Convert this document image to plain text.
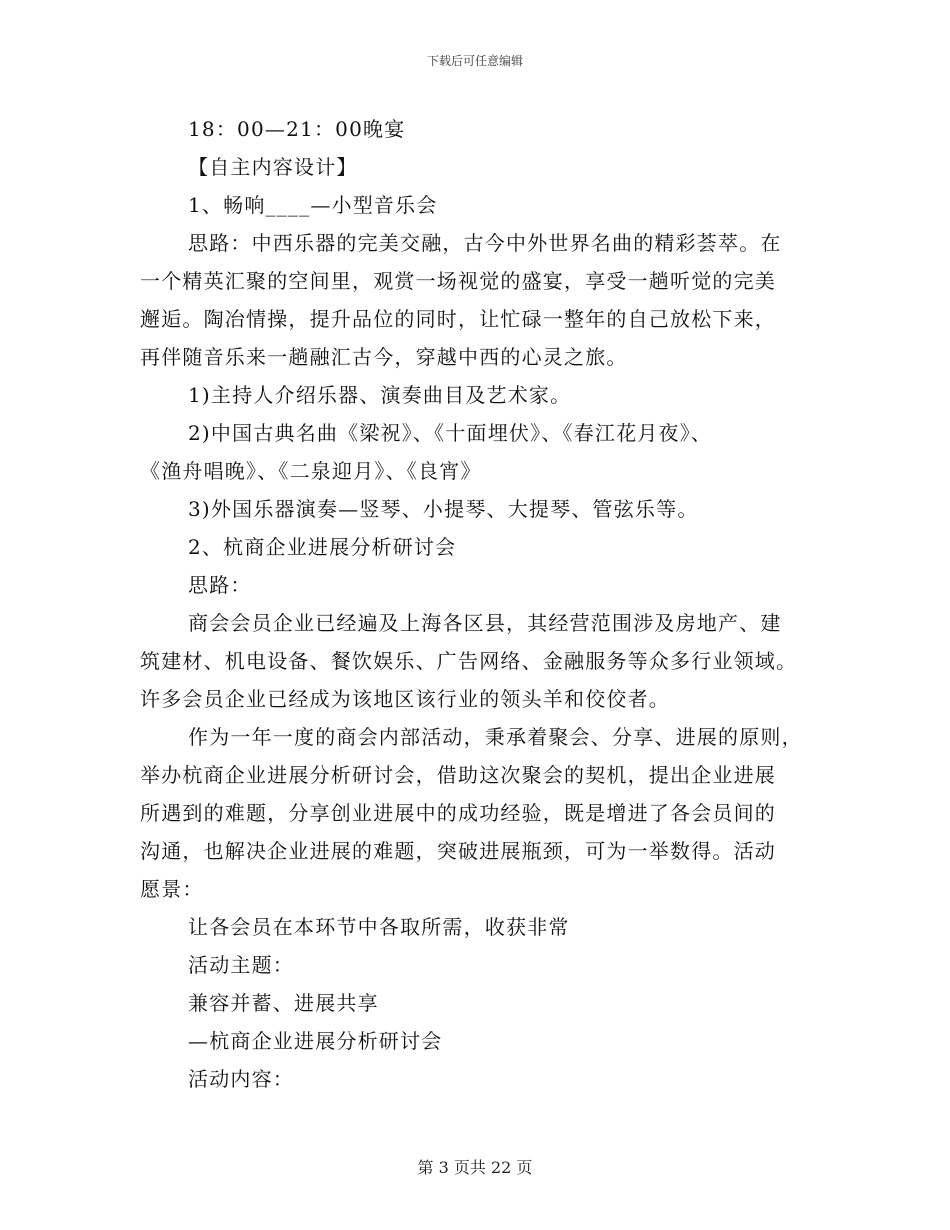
下载后可任意编辑
18：00—21：00晚宴
【自主内容设计】
1、畅响____—小型音乐会
思路：中西乐器的完美交融，古今中外世界名曲的精彩荟萃。在
一个精英汇聚的空间里，观赏一场视觉的盛宴，享受一趟听觉的完美
邂逅。陶冶情操，提升品位的同时，让忙碌一整年的自己放松下来，
再伴随音乐来一趟融汇古今，穿越中西的心灵之旅。
1)主持人介绍乐器、演奏曲目及艺术家。
2)中国古典名曲《梁祝》、《十面埋伏》、《春江花月夜》、
《渔舟唱晚》、《二泉迎月》、《良宵》
3)外国乐器演奏—竖琴、小提琴、大提琴、管弦乐等。
2、杭商企业进展分析研讨会
思路：
商会会员企业已经遍及上海各区县，其经营范围涉及房地产、建
筑建材、机电设备、餐饮娱乐、广告网络、金融服务等众多行业领域。
许多会员企业已经成为该地区该行业的领头羊和佼佼者。
作为一年一度的商会内部活动，秉承着聚会、分享、进展的原则，
举办杭商企业进展分析研讨会，借助这次聚会的契机，提出企业进展
所遇到的难题，分享创业进展中的成功经验，既是增进了各会员间的
沟通，也解决企业进展的难题，突破进展瓶颈，可为一举数得。活动
愿景：
让各会员在本环节中各取所需，收获非常
活动主题：
兼容并蓄、进展共享
—杭商企业进展分析研讨会
活动内容：
第 3 页共 22 页
